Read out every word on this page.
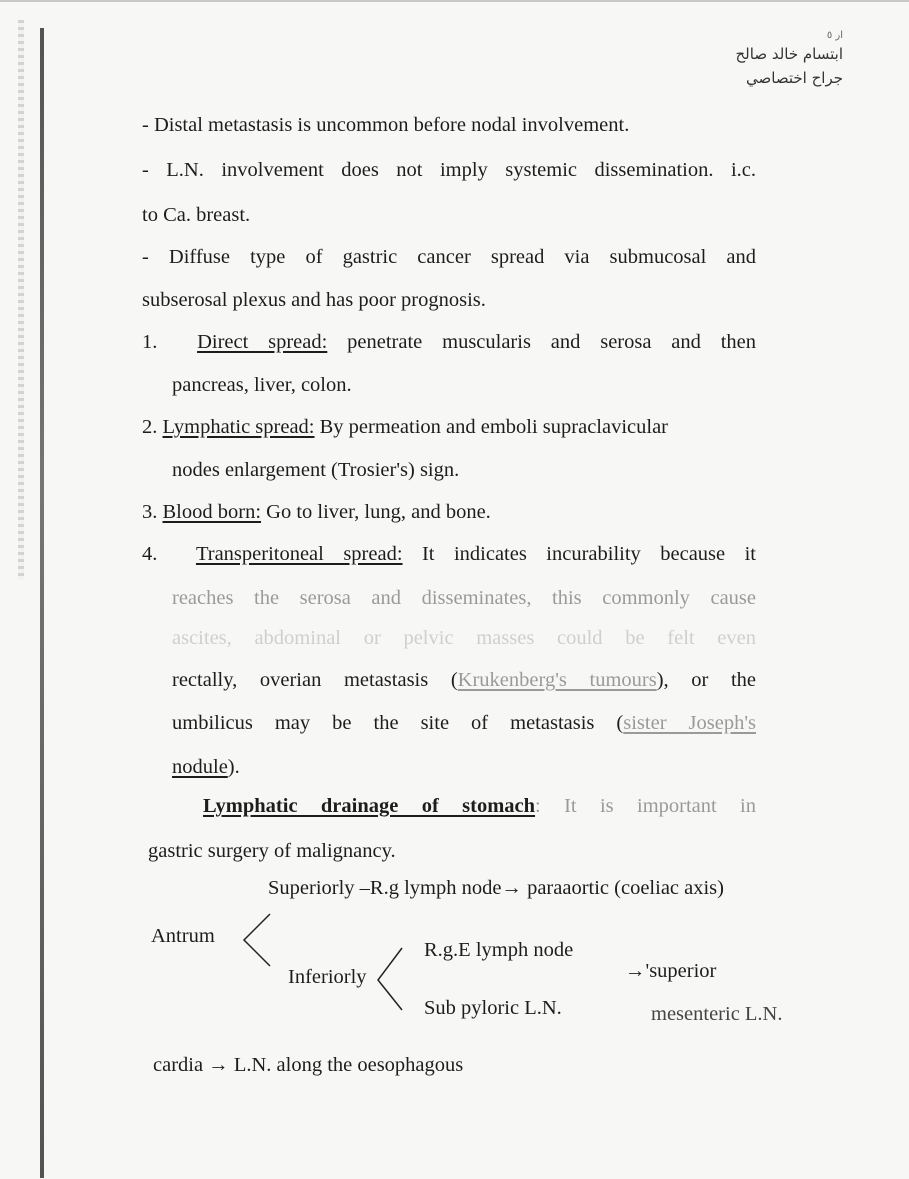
ار ٥
ابتسام خالد صالح
جراح اختصاصي
- Distal metastasis is uncommon before nodal involvement.
- L.N. involvement does not imply systemic dissemination. i.c.
to Ca. breast.
- Diffuse type of gastric cancer spread via submucosal and
subserosal plexus and has poor prognosis.
1. Direct spread: penetrate muscularis and serosa and then
pancreas, liver, colon.
2. Lymphatic spread: By permeation and emboli supraclavicular
nodes enlargement (Trosier's) sign.
3. Blood born: Go to liver, lung, and bone.
4. Transperitoneal spread: It indicates incurability because it
reaches the serosa and disseminates, this commonly cause
ascites, abdominal or pelvic masses could be felt even
rectally, overian metastasis (Krukenberg's tumours), or the
umbilicus may be the site of metastasis (sister Joseph's
nodule).
Lymphatic drainage of stomach: It is important in
gastric surgery of malignancy.
Superiorly –R.g lymph node→ paraaortic (coeliac axis)
Antrum
Inferiorly
R.g.E lymph node
Sub pyloric L.N.
→'superior
mesenteric L.N.
cardia → L.N. along the oesophagous
